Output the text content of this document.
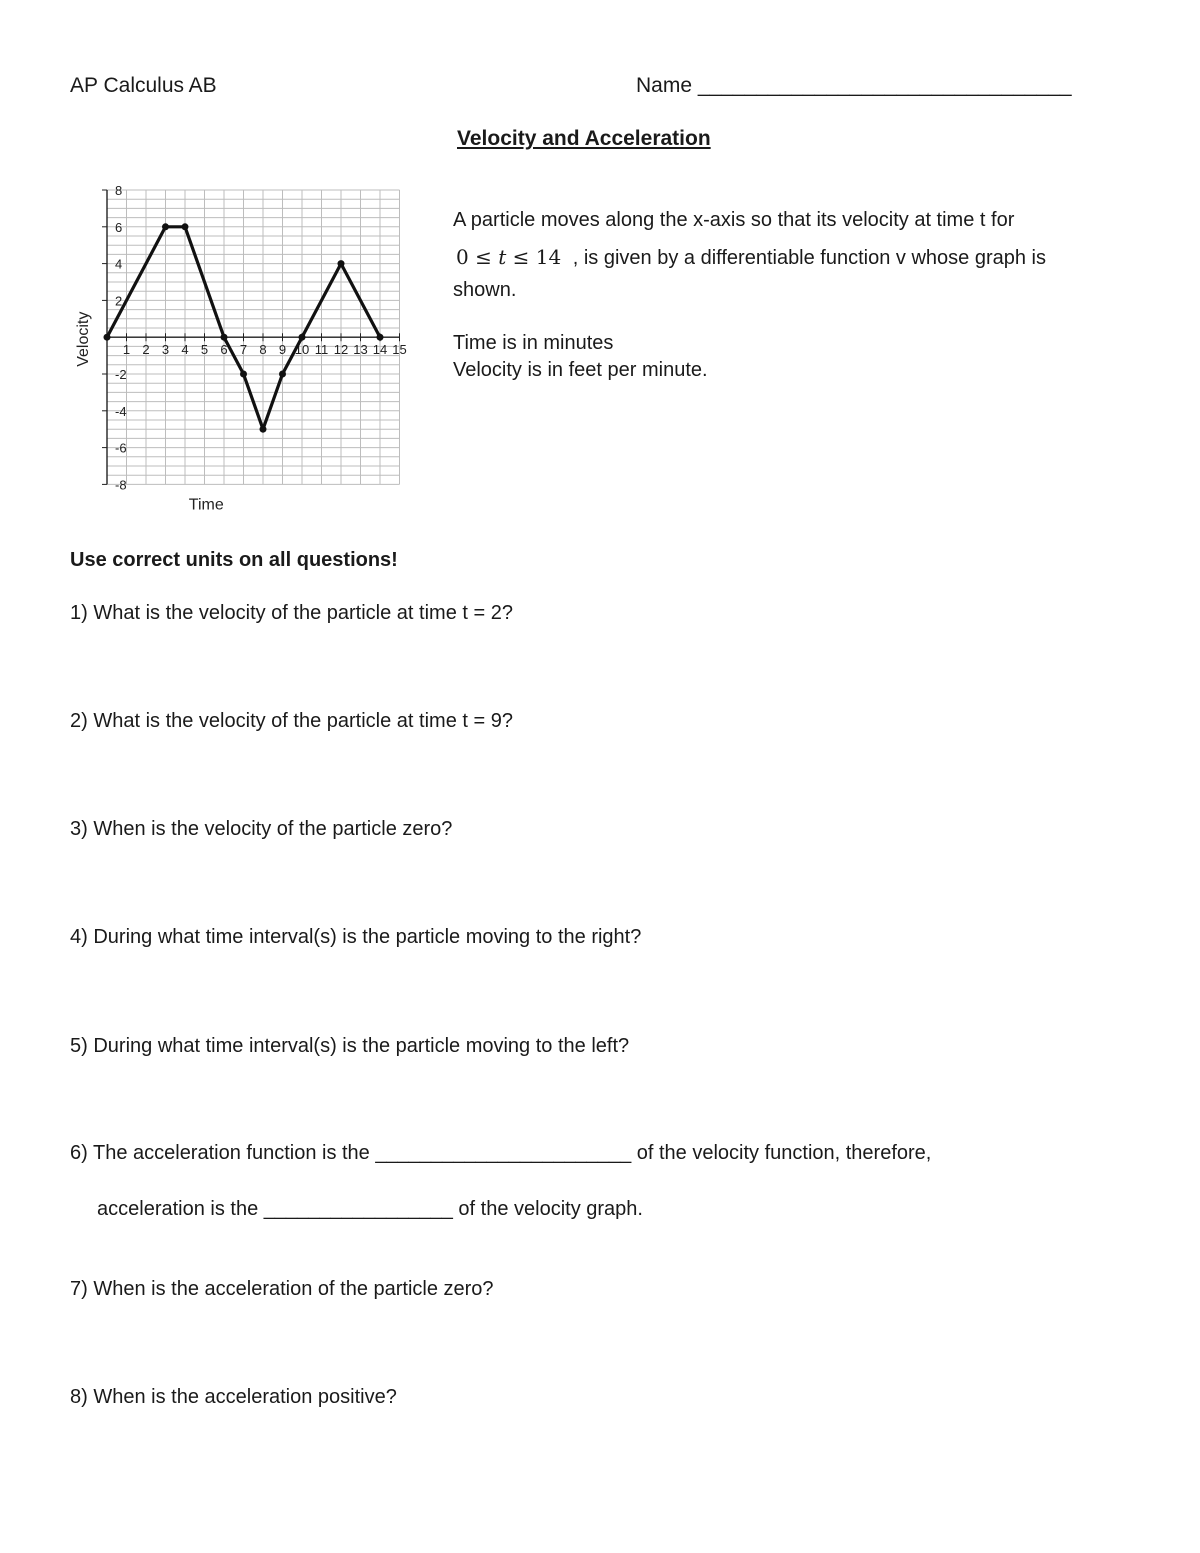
AP Calculus AB	Name ________________________________
Velocity and Acceleration
1 2 3 4 5 6 7 8 9 10 11 12 13 14 15
8
6
4
2
-2
-4
-6
-8
Time
Velocity
A particle moves along the x-axis so that its velocity at time t for
0 ≤ t ≤ 14 , is given by a differentiable function v whose graph is
shown.
Time is in minutes
Velocity is in feet per minute.
Use correct units on all questions!
1) What is the velocity of the particle at time t = 2?
2) What is the velocity of the particle at time t = 9?
3) When is the velocity of the particle zero?
4) During what time interval(s) is the particle moving to the right?
5) During what time interval(s) is the particle moving to the left?
6) The acceleration function is the _______________________ of the velocity function, therefore,
acceleration is the _________________ of the velocity graph.
7) When is the acceleration of the particle zero?
8) When is the acceleration positive?
